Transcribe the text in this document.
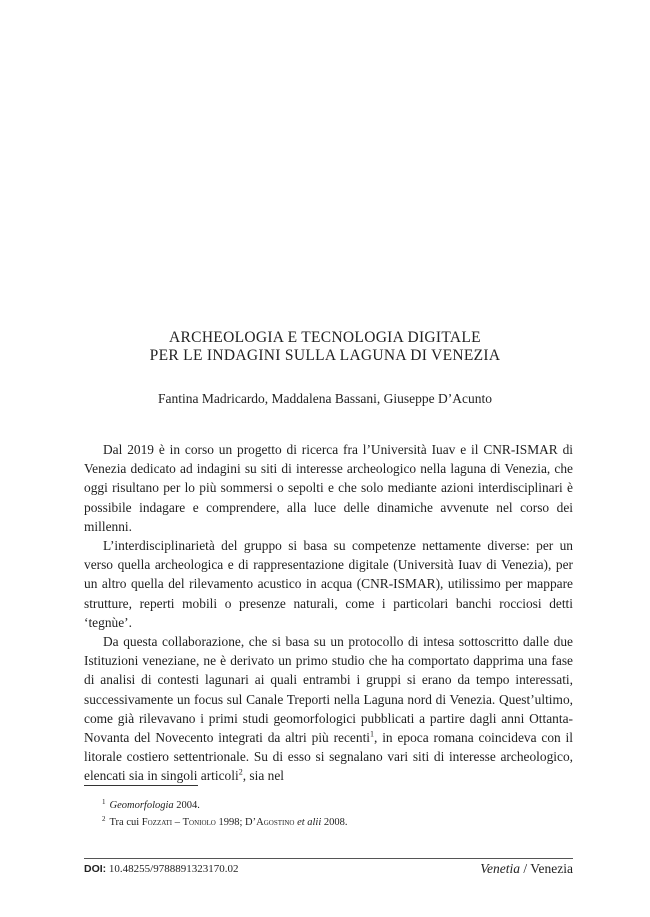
ARCHEOLOGIA E TECNOLOGIA DIGITALE
PER LE INDAGINI SULLA LAGUNA DI VENEZIA
Fantina Madricardo, Maddalena Bassani, Giuseppe D’Acunto

Dal 2019 è in corso un progetto di ricerca fra l’Università Iuav e il CNR-ISMAR di Venezia dedicato ad indagini su siti di interesse archeologico nella laguna di Venezia, che oggi risultano per lo più sommersi o sepolti e che solo mediante azioni interdisciplinari è possibile indagare e comprendere, alla luce delle dinamiche avvenute nel corso dei millenni.

L’interdisciplinarietà del gruppo si basa su competenze nettamente diverse: per un verso quella archeologica e di rappresentazione digitale (Università Iuav di Venezia), per un altro quella del rilevamento acustico in acqua (CNR-ISMAR), utilissimo per mappare strutture, reperti mobili o presenze naturali, come i particolari banchi rocciosi detti ‘tegnùe’.

Da questa collaborazione, che si basa su un protocollo di intesa sottoscritto dalle due Istituzioni veneziane, ne è derivato un primo studio che ha comportato dapprima una fase di analisi di contesti lagunari ai quali entrambi i gruppi si erano da tempo interessati, successivamente un focus sul Canale Treporti nella Laguna nord di Venezia. Quest’ultimo, come già rilevavano i primi studi geomorfologici pubblicati a partire dagli anni Ottanta-Novanta del Novecento integrati da altri più recenti$^1$, in epoca romana coincideva con il litorale costiero settentrionale. Su di esso si segnalano vari siti di interesse archeologico, elencati sia in singoli articoli$^2$, sia nel

$^1$ Geomorfologia 2004.
$^2$ Tra cui Fozzati – Toniolo 1998; D’Agostino et alii 2008.
DOI: 10.48255/9788891323170.02	Venetia / Venezia
